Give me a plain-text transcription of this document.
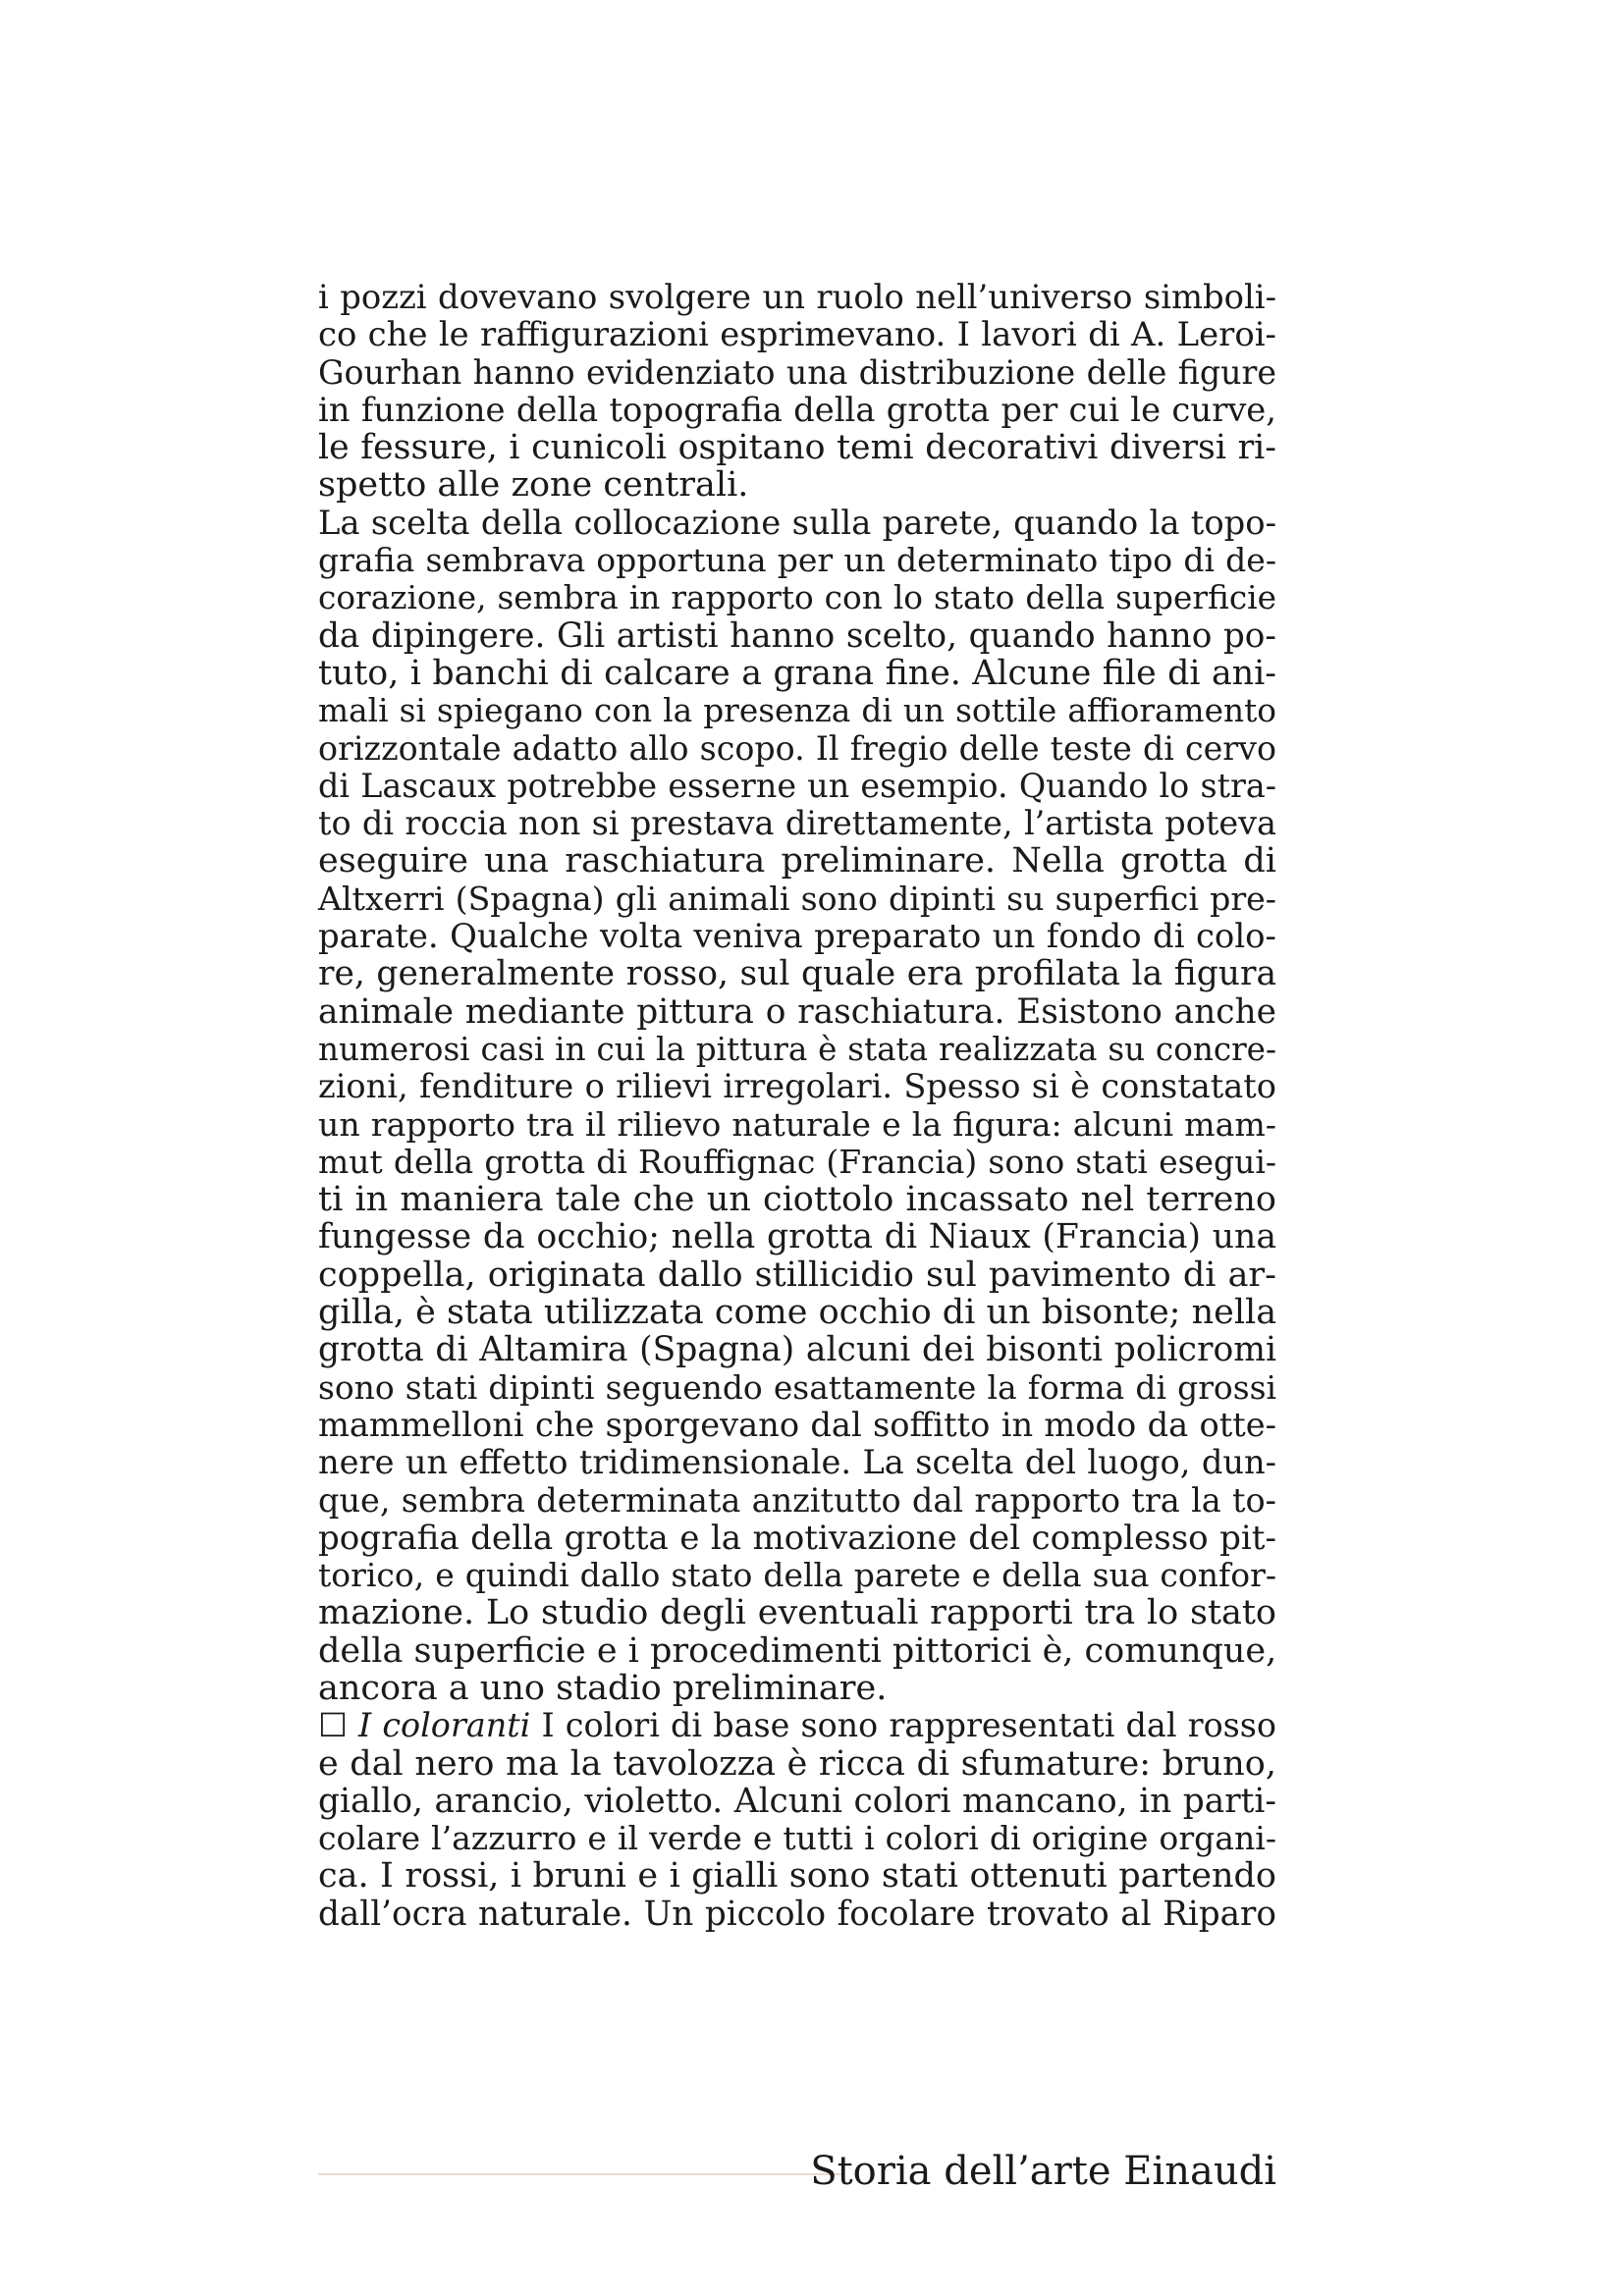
i pozzi dovevano svolgere un ruolo nell’universo simboli-
co che le raffigurazioni esprimevano. I lavori di A. Leroi-
Gourhan hanno evidenziato una distribuzione delle figure
in funzione della topografia della grotta per cui le curve,
le fessure, i cunicoli ospitano temi decorativi diversi ri-
spetto alle zone centrali.
La scelta della collocazione sulla parete, quando la topo-
grafia sembrava opportuna per un determinato tipo di de-
corazione, sembra in rapporto con lo stato della superficie
da dipingere. Gli artisti hanno scelto, quando hanno po-
tuto, i banchi di calcare a grana fine. Alcune file di ani-
mali si spiegano con la presenza di un sottile affioramento
orizzontale adatto allo scopo. Il fregio delle teste di cervo
di Lascaux potrebbe esserne un esempio. Quando lo stra-
to di roccia non si prestava direttamente, l’artista poteva
eseguire una raschiatura preliminare. Nella grotta di
Altxerri (Spagna) gli animali sono dipinti su superfici pre-
parate. Qualche volta veniva preparato un fondo di colo-
re, generalmente rosso, sul quale era profilata la figura
animale mediante pittura o raschiatura. Esistono anche
numerosi casi in cui la pittura è stata realizzata su concre-
zioni, fenditure o rilievi irregolari. Spesso si è constatato
un rapporto tra il rilievo naturale e la figura: alcuni mam-
mut della grotta di Rouffignac (Francia) sono stati esegui-
ti in maniera tale che un ciottolo incassato nel terreno
fungesse da occhio; nella grotta di Niaux (Francia) una
coppella, originata dallo stillicidio sul pavimento di ar-
gilla, è stata utilizzata come occhio di un bisonte; nella
grotta di Altamira (Spagna) alcuni dei bisonti policromi
sono stati dipinti seguendo esattamente la forma di grossi
mammelloni che sporgevano dal soffitto in modo da otte-
nere un effetto tridimensionale. La scelta del luogo, dun-
que, sembra determinata anzitutto dal rapporto tra la to-
pografia della grotta e la motivazione del complesso pit-
torico, e quindi dallo stato della parete e della sua confor-
mazione. Lo studio degli eventuali rapporti tra lo stato
della superficie e i procedimenti pittorici è, comunque,
ancora a uno stadio preliminare.
☐ I coloranti I colori di base sono rappresentati dal rosso
e dal nero ma la tavolozza è ricca di sfumature: bruno,
giallo, arancio, violetto. Alcuni colori mancano, in parti-
colare l’azzurro e il verde e tutti i colori di origine organi-
ca. I rossi, i bruni e i gialli sono stati ottenuti partendo
dall’ocra naturale. Un piccolo focolare trovato al Riparo
Storia dell’arte Einaudi
